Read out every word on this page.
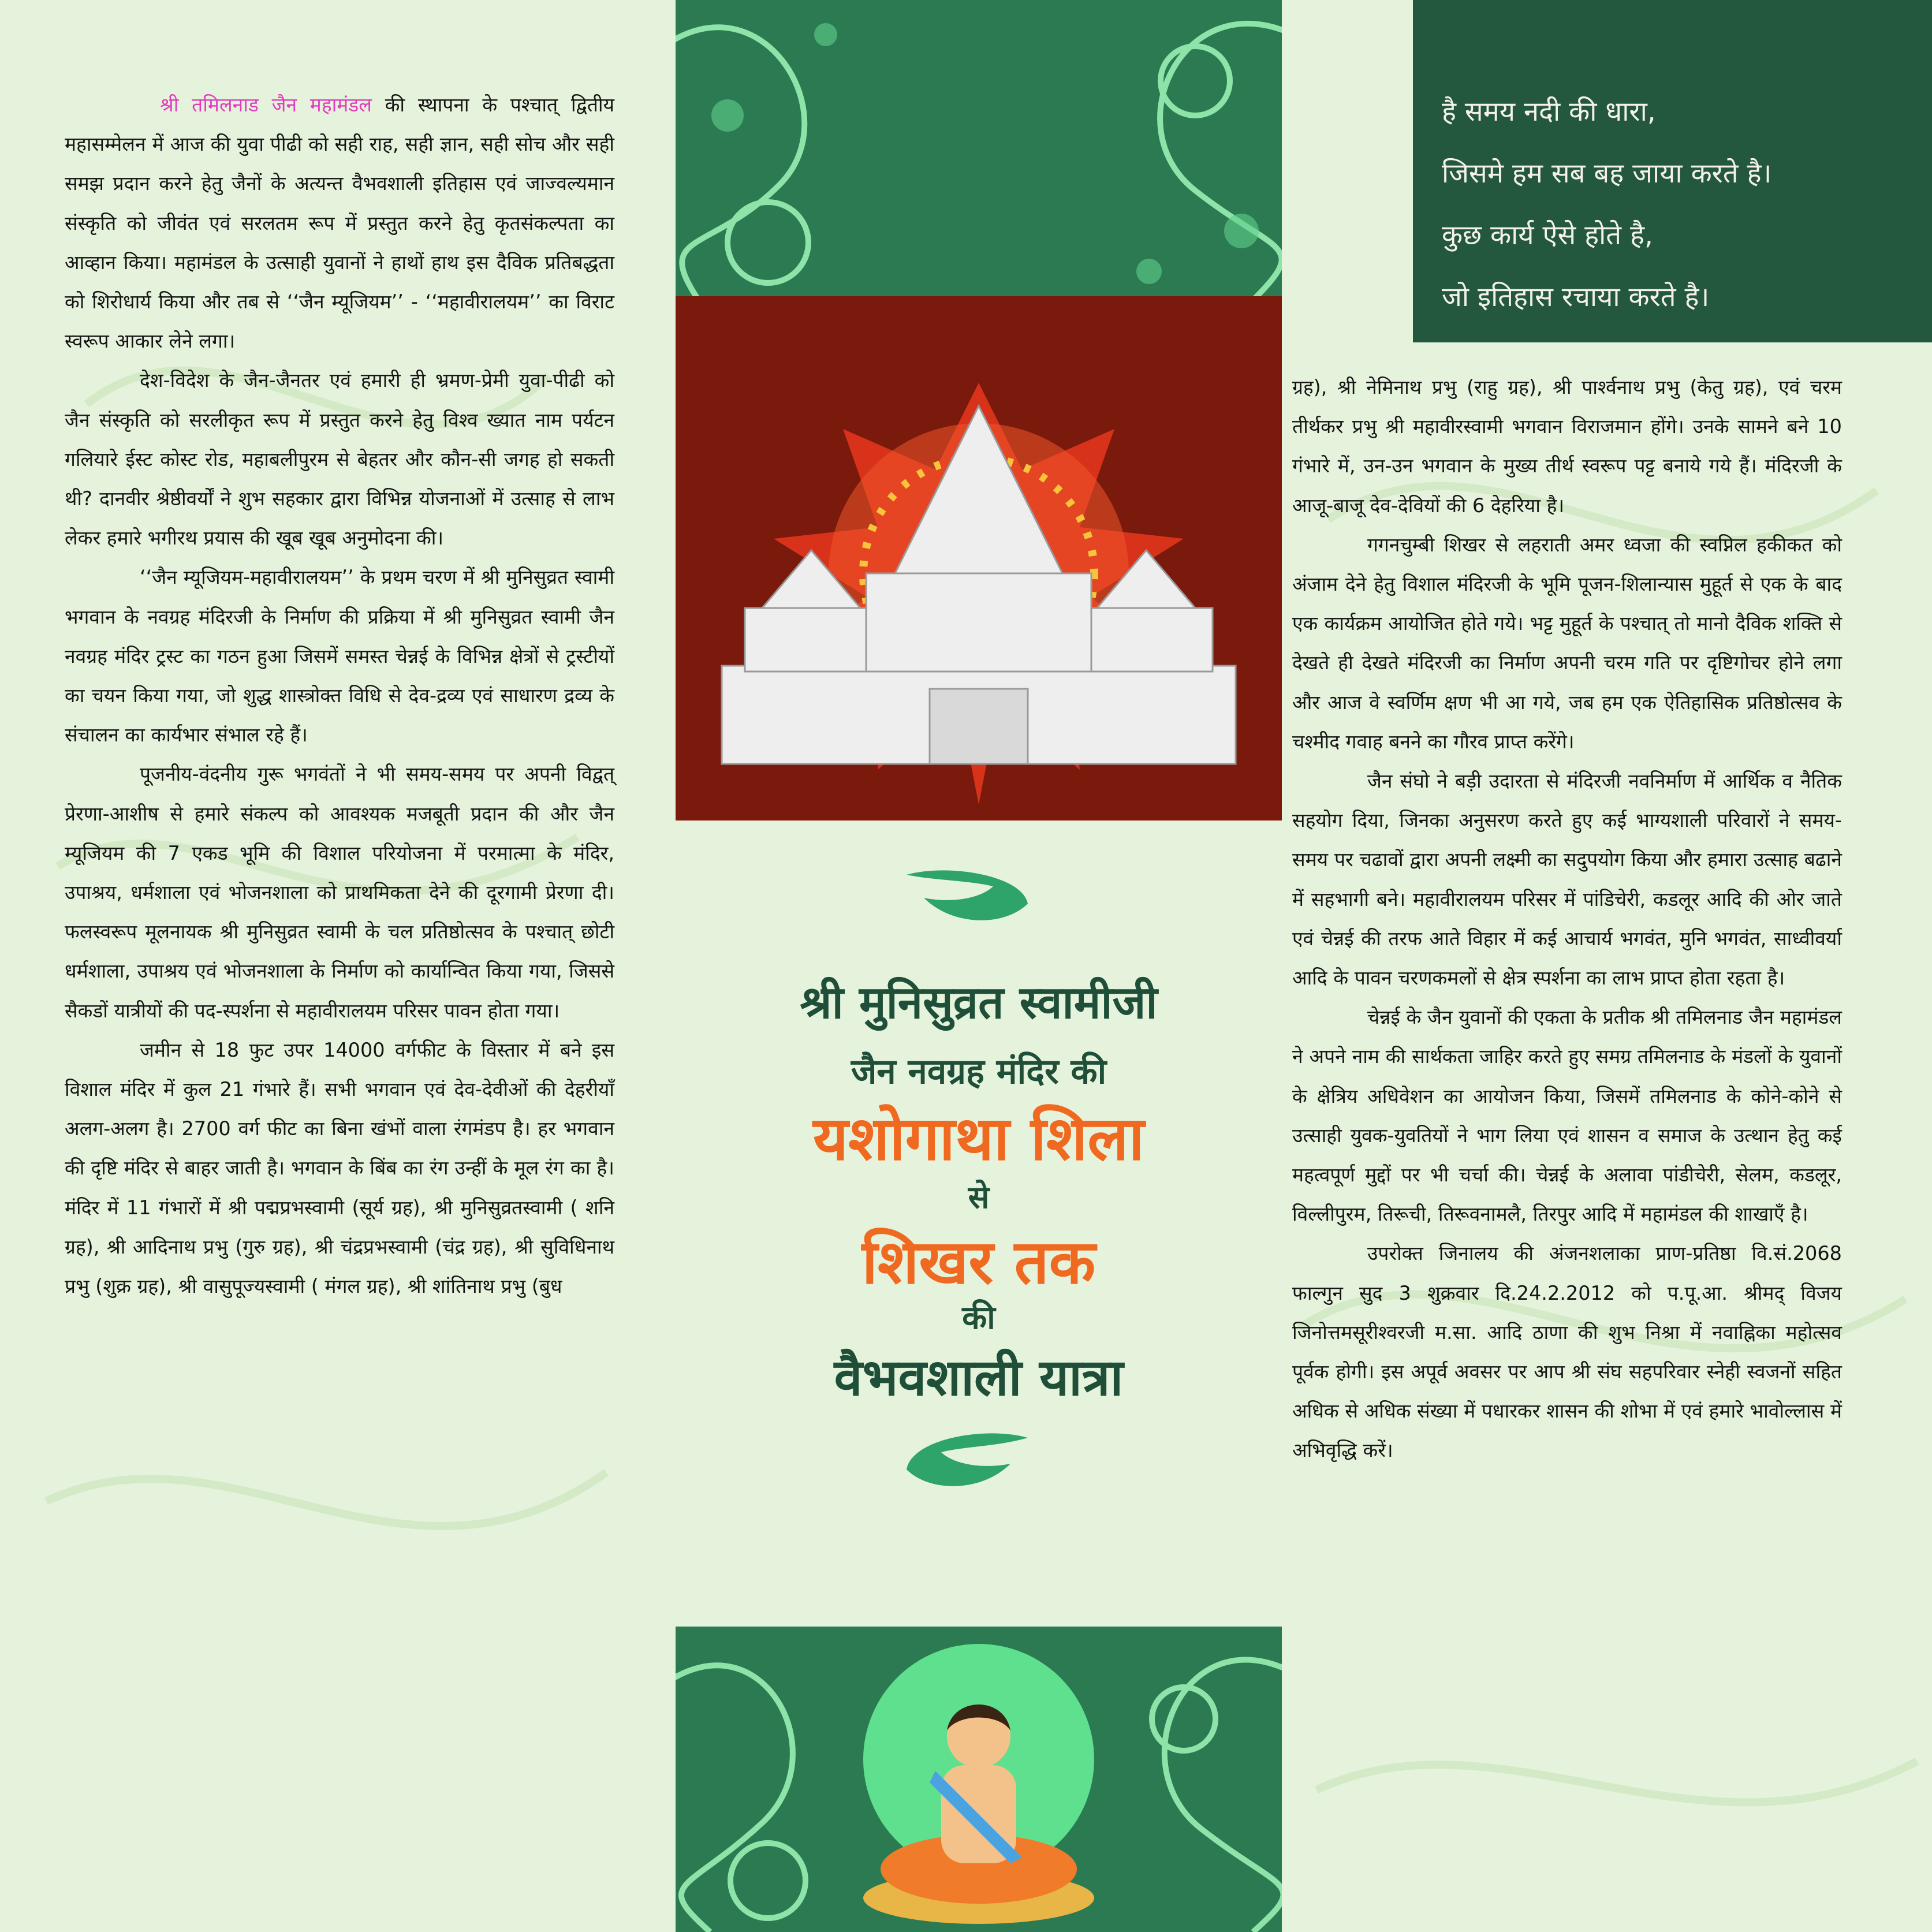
श्री तमिलनाड जैन महामंडल की स्थापना के पश्चात् द्वितीय महासम्मेलन में आज की युवा पीढी को सही राह, सही ज्ञान, सही सोच और सही समझ प्रदान करने हेतु जैनों के अत्यन्त वैभवशाली इतिहास एवं जाज्वल्यमान संस्कृति को जीवंत एवं सरलतम रूप में प्रस्तुत करने हेतु कृतसंकल्पता का आव्हान किया। महामंडल के उत्साही युवानों ने हाथों हाथ इस दैविक प्रतिबद्धता को शिरोधार्य किया और तब से ‘‘जैन म्यूजियम’’ - ‘‘महावीरालयम’’ का विराट स्वरूप आकार लेने लगा।

देश-विदेश के जैन-जैनतर एवं हमारी ही भ्रमण-प्रेमी युवा-पीढी को जैन संस्कृति को सरलीकृत रूप में प्रस्तुत करने हेतु विश्व ख्यात नाम पर्यटन गलियारे ईस्ट कोस्ट रोड, महाबलीपुरम से बेहतर और कौन-सी जगह हो सकती थी? दानवीर श्रेष्ठीवर्यों ने शुभ सहकार द्वारा विभिन्न योजनाओं में उत्साह से लाभ लेकर हमारे भगीरथ प्रयास की खूब खूब अनुमोदना की।

‘‘जैन म्यूजियम-महावीरालयम’’ के प्रथम चरण में श्री मुनिसुव्रत स्वामी भगवान के नवग्रह मंदिरजी के निर्माण की प्रक्रिया में श्री मुनिसुव्रत स्वामी जैन नवग्रह मंदिर ट्रस्ट का गठन हुआ जिसमें समस्त चेन्नई के विभिन्न क्षेत्रों से ट्रस्टीयों का चयन किया गया, जो शुद्ध शास्त्रोक्त विधि से देव-द्रव्य एवं साधारण द्रव्य के संचालन का कार्यभार संभाल रहे हैं।

पूजनीय-वंदनीय गुरू भगवंतों ने भी समय-समय पर अपनी विद्वत् प्रेरणा-आशीष से हमारे संकल्प को आवश्यक मजबूती प्रदान की और जैन म्यूजियम की 7 एकड भूमि की विशाल परियोजना में परमात्मा के मंदिर, उपाश्रय, धर्मशाला एवं भोजनशाला को प्राथमिकता देने की दूरगामी प्रेरणा दी। फलस्वरूप मूलनायक श्री मुनिसुव्रत स्वामी के चल प्रतिष्ठोत्सव के पश्चात् छोटी धर्मशाला, उपाश्रय एवं भोजनशाला के निर्माण को कार्यान्वित किया गया, जिससे सैकडों यात्रीयों की पद-स्पर्शना से महावीरालयम परिसर पावन होता गया।

जमीन से 18 फुट उपर 14000 वर्गफीट के विस्तार में बने इस विशाल मंदिर में कुल 21 गंभारे हैं। सभी भगवान एवं देव-देवीओं की देहरीयाँ अलग-अलग है। 2700 वर्ग फीट का बिना खंभों वाला रंगमंडप है। हर भगवान की दृष्टि मंदिर से बाहर जाती है। भगवान के बिंब का रंग उन्हीं के मूल रंग का है। मंदिर में 11 गंभारों में श्री पद्मप्रभस्वामी (सूर्य ग्रह), श्री मुनिसुव्रतस्वामी ( शनि ग्रह), श्री आदिनाथ प्रभु (गुरु ग्रह), श्री चंद्रप्रभस्वामी (चंद्र ग्रह), श्री सुविधिनाथ प्रभु (शुक्र ग्रह), श्री वासुपूज्यस्वामी ( मंगल ग्रह), श्री शांतिनाथ प्रभु (बुध

श्री मुनिसुव्रत स्वामीजी
जैन नवग्रह मंदिर की
यशोगाथा शिला
से
शिखर तक
की
वैभवशाली यात्रा
है समय नदी की धारा,
जिसमे हम सब बह जाया करते है।
कुछ कार्य ऐसे होते है,
जो इतिहास रचाया करते है।

ग्रह), श्री नेमिनाथ प्रभु (राहु ग्रह), श्री पार्श्वनाथ प्रभु (केतु ग्रह), एवं चरम तीर्थकर प्रभु श्री महावीरस्वामी भगवान विराजमान होंगे। उनके सामने बने 10 गंभारे में, उन-उन भगवान के मुख्य तीर्थ स्वरूप पट्ट बनाये गये हैं। मंदिरजी के आजू-बाजू देव-देवियों की 6 देहरिया है।

गगनचुम्बी शिखर से लहराती अमर ध्वजा की स्वप्निल हकीकत को अंजाम देने हेतु विशाल मंदिरजी के भूमि पूजन-शिलान्यास मुहूर्त से एक के बाद एक कार्यक्रम आयोजित होते गये। भट्ट मुहूर्त के पश्चात् तो मानो दैविक शक्ति से देखते ही देखते मंदिरजी का निर्माण अपनी चरम गति पर दृष्टिगोचर होने लगा और आज वे स्वर्णिम क्षण भी आ गये, जब हम एक ऐतिहासिक प्रतिष्ठोत्सव के चश्मीद गवाह बनने का गौरव प्राप्त करेंगे।

जैन संघो ने बड़ी उदारता से मंदिरजी नवनिर्माण में आर्थिक व नैतिक सहयोग दिया, जिनका अनुसरण करते हुए कई भाग्यशाली परिवारों ने समय-समय पर चढावों द्वारा अपनी लक्ष्मी का सदुपयोग किया और हमारा उत्साह बढाने में सहभागी बने। महावीरालयम परिसर में पांडिचेरी, कडलूर आदि की ओर जाते एवं चेन्नई की तरफ आते विहार में कई आचार्य भगवंत, मुनि भगवंत, साध्वीवर्या आदि के पावन चरणकमलों से क्षेत्र स्पर्शना का लाभ प्राप्त होता रहता है।

चेन्नई के जैन युवानों की एकता के प्रतीक श्री तमिलनाड जैन महामंडल ने अपने नाम की सार्थकता जाहिर करते हुए समग्र तमिलनाड के मंडलों के युवानों के क्षेत्रिय अधिवेशन का आयोजन किया, जिसमें तमिलनाड के कोने-कोने से उत्साही युवक-युवतियों ने भाग लिया एवं शासन व समाज के उत्थान हेतु कई महत्वपूर्ण मुद्दों पर भी चर्चा की। चेन्नई के अलावा पांडीचेरी, सेलम, कडलूर, विल्लीपुरम, तिरूची, तिरूवनामलै, तिरपुर आदि में महामंडल की शाखाएँ है।

उपरोक्त जिनालय की अंजनशलाका प्राण-प्रतिष्ठा वि.सं.2068 फाल्गुन सुद 3 शुक्रवार दि.24.2.2012 को प.पू.आ. श्रीमद् विजय जिनोत्तमसूरीश्वरजी म.सा. आदि ठाणा की शुभ निश्रा में नवाह्निका महोत्सव पूर्वक होगी। इस अपूर्व अवसर पर आप श्री संघ सहपरिवार स्नेही स्वजनों सहित अधिक से अधिक संख्या में पधारकर शासन की शोभा में एवं हमारे भावोल्लास में अभिवृद्धि करें।
